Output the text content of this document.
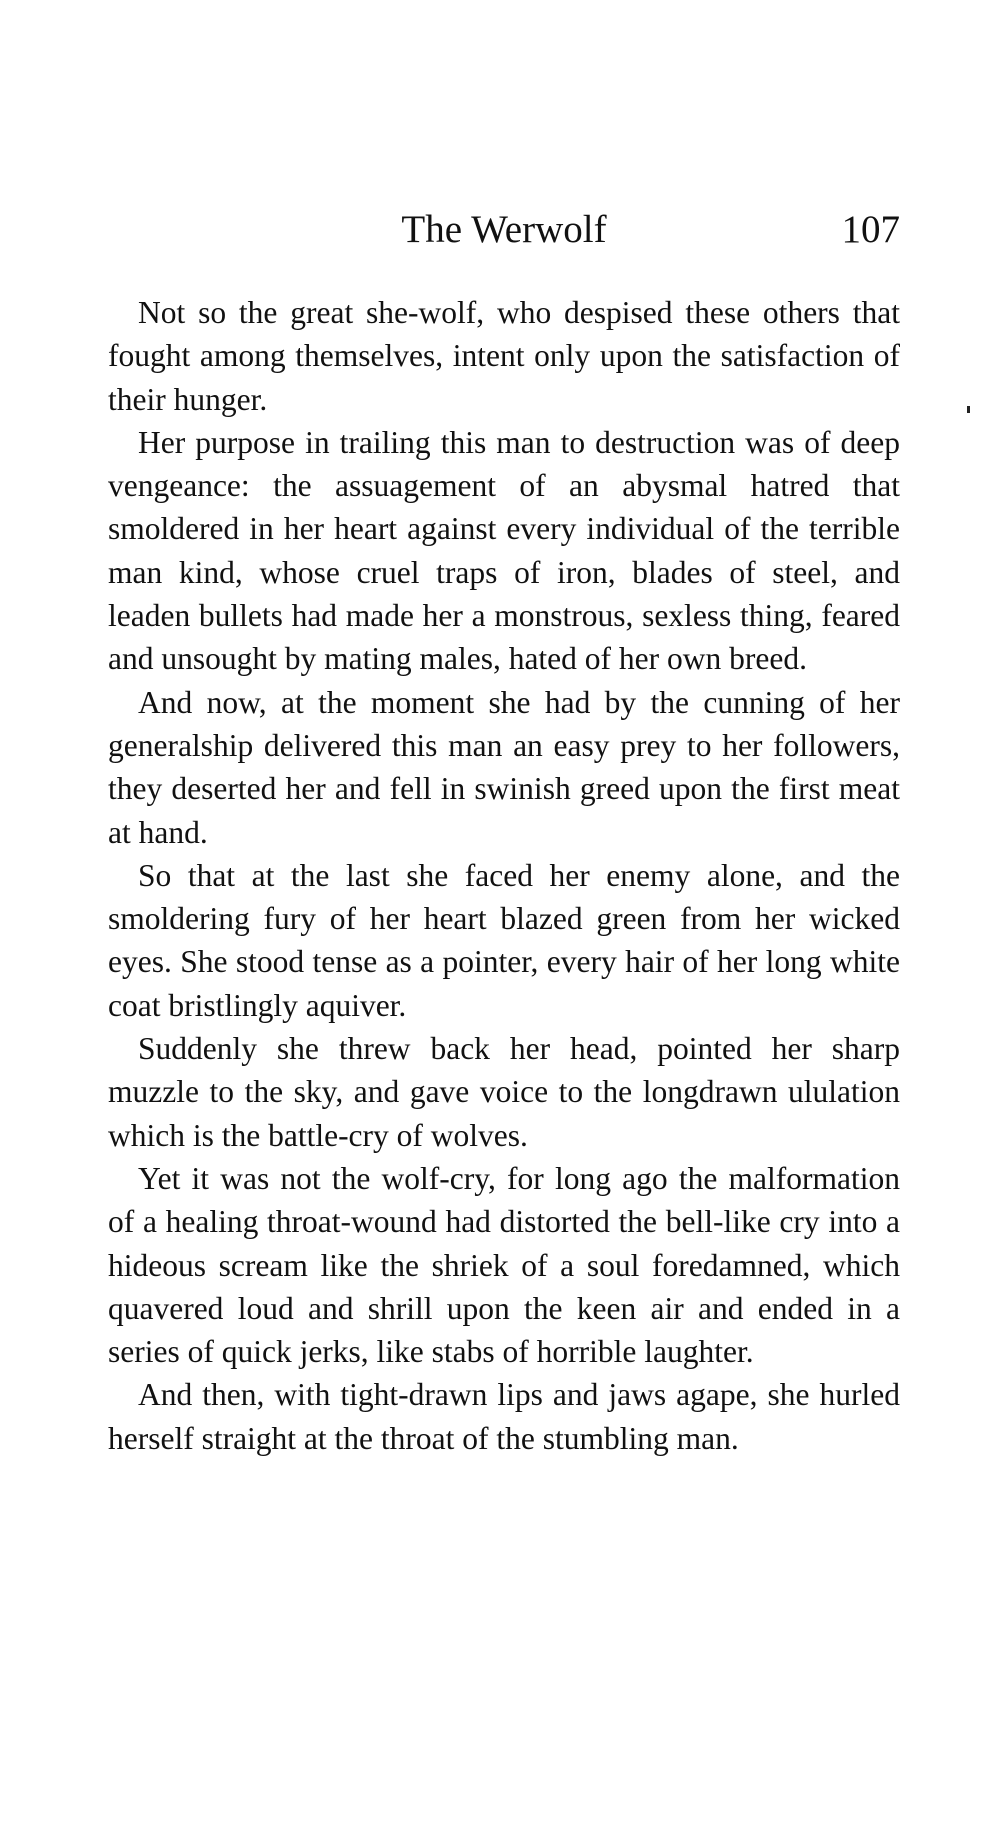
The Werwolf	107

Not so the great she-wolf, who despised these others that fought among themselves, intent only upon the satisfaction of their hunger.

Her purpose in trailing this man to destruction was of deep vengeance: the assuagement of an abysmal hatred that smoldered in her heart against every individual of the terrible man kind, whose cruel traps of iron, blades of steel, and leaden bullets had made her a monstrous, sexless thing, feared and unsought by mating males, hated of her own breed.

And now, at the moment she had by the cunning of her generalship delivered this man an easy prey to her followers, they deserted her and fell in swinish greed upon the first meat at hand.

So that at the last she faced her enemy alone, and the smoldering fury of her heart blazed green from her wicked eyes. She stood tense as a pointer, every hair of her long white coat bristlingly aquiver.

Suddenly she threw back her head, pointed her sharp muzzle to the sky, and gave voice to the longdrawn ululation which is the battle-cry of wolves.

Yet it was not the wolf-cry, for long ago the malformation of a healing throat-wound had distorted the bell-like cry into a hideous scream like the shriek of a soul foredamned, which quavered loud and shrill upon the keen air and ended in a series of quick jerks, like stabs of horrible laughter.

And then, with tight-drawn lips and jaws agape, she hurled herself straight at the throat of the stumbling man.
